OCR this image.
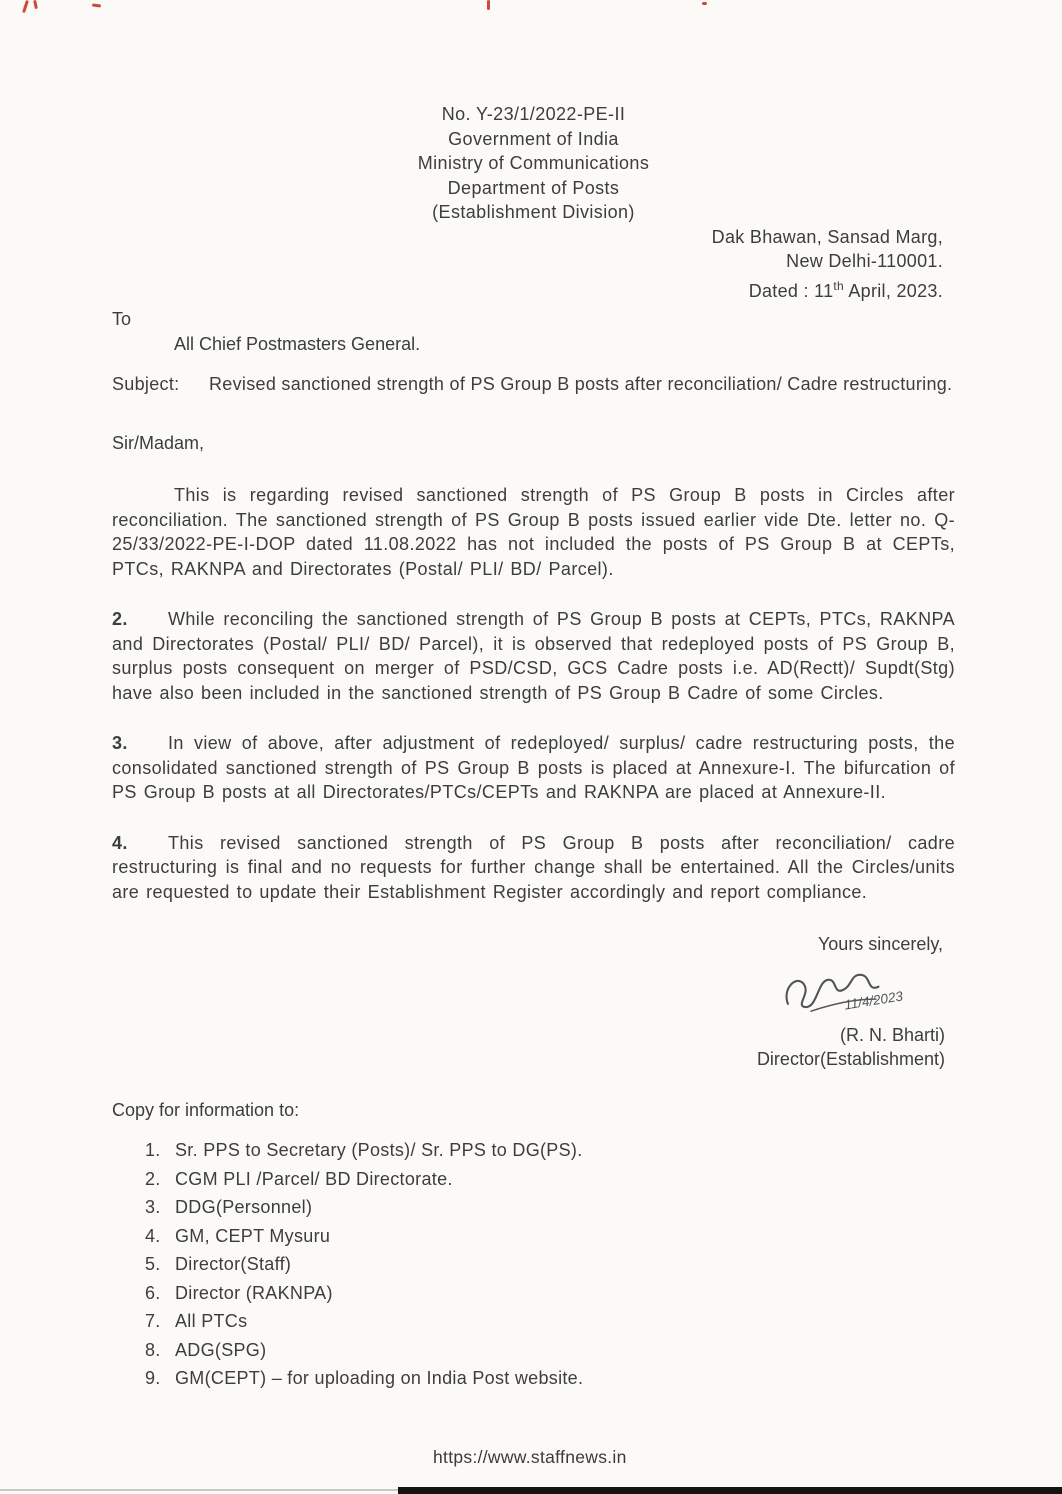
No. Y-23/1/2022-PE-II
Government of India
Ministry of Communications
Department of Posts
(Establishment Division)
Dak Bhawan, Sansad Marg,
New Delhi-110001.
Dated : 11th April, 2023.
To
All Chief Postmasters General.
Subject: Revised sanctioned strength of PS Group B posts after reconciliation/ Cadre restructuring.
Sir/Madam,

This is regarding revised sanctioned strength of PS Group B posts in Circles after reconciliation. The sanctioned strength of PS Group B posts issued earlier vide Dte. letter no. Q-25/33/2022-PE-I-DOP dated 11.08.2022 has not included the posts of PS Group B at CEPTs, PTCs, RAKNPA and Directorates (Postal/ PLI/ BD/ Parcel).

2. While reconciling the sanctioned strength of PS Group B posts at CEPTs, PTCs, RAKNPA and Directorates (Postal/ PLI/ BD/ Parcel), it is observed that redeployed posts of PS Group B, surplus posts consequent on merger of PSD/CSD, GCS Cadre posts i.e. AD(Rectt)/ Supdt(Stg) have also been included in the sanctioned strength of PS Group B Cadre of some Circles.

3. In view of above, after adjustment of redeployed/ surplus/ cadre restructuring posts, the consolidated sanctioned strength of PS Group B posts is placed at Annexure-I. The bifurcation of PS Group B posts at all Directorates/PTCs/CEPTs and RAKNPA are placed at Annexure-II.

4. This revised sanctioned strength of PS Group B posts after reconciliation/ cadre restructuring is final and no requests for further change shall be entertained. All the Circles/units are requested to update their Establishment Register accordingly and report compliance.

Yours sincerely,
11/4/2023
(R. N. Bharti)
Director(Establishment)
Copy for information to:
1. Sr. PPS to Secretary (Posts)/ Sr. PPS to DG(PS).
2. CGM PLI /Parcel/ BD Directorate.
3. DDG(Personnel)
4. GM, CEPT Mysuru
5. Director(Staff)
6. Director (RAKNPA)
7. All PTCs
8. ADG(SPG)
9. GM(CEPT) – for uploading on India Post website.
https://www.staffnews.in
